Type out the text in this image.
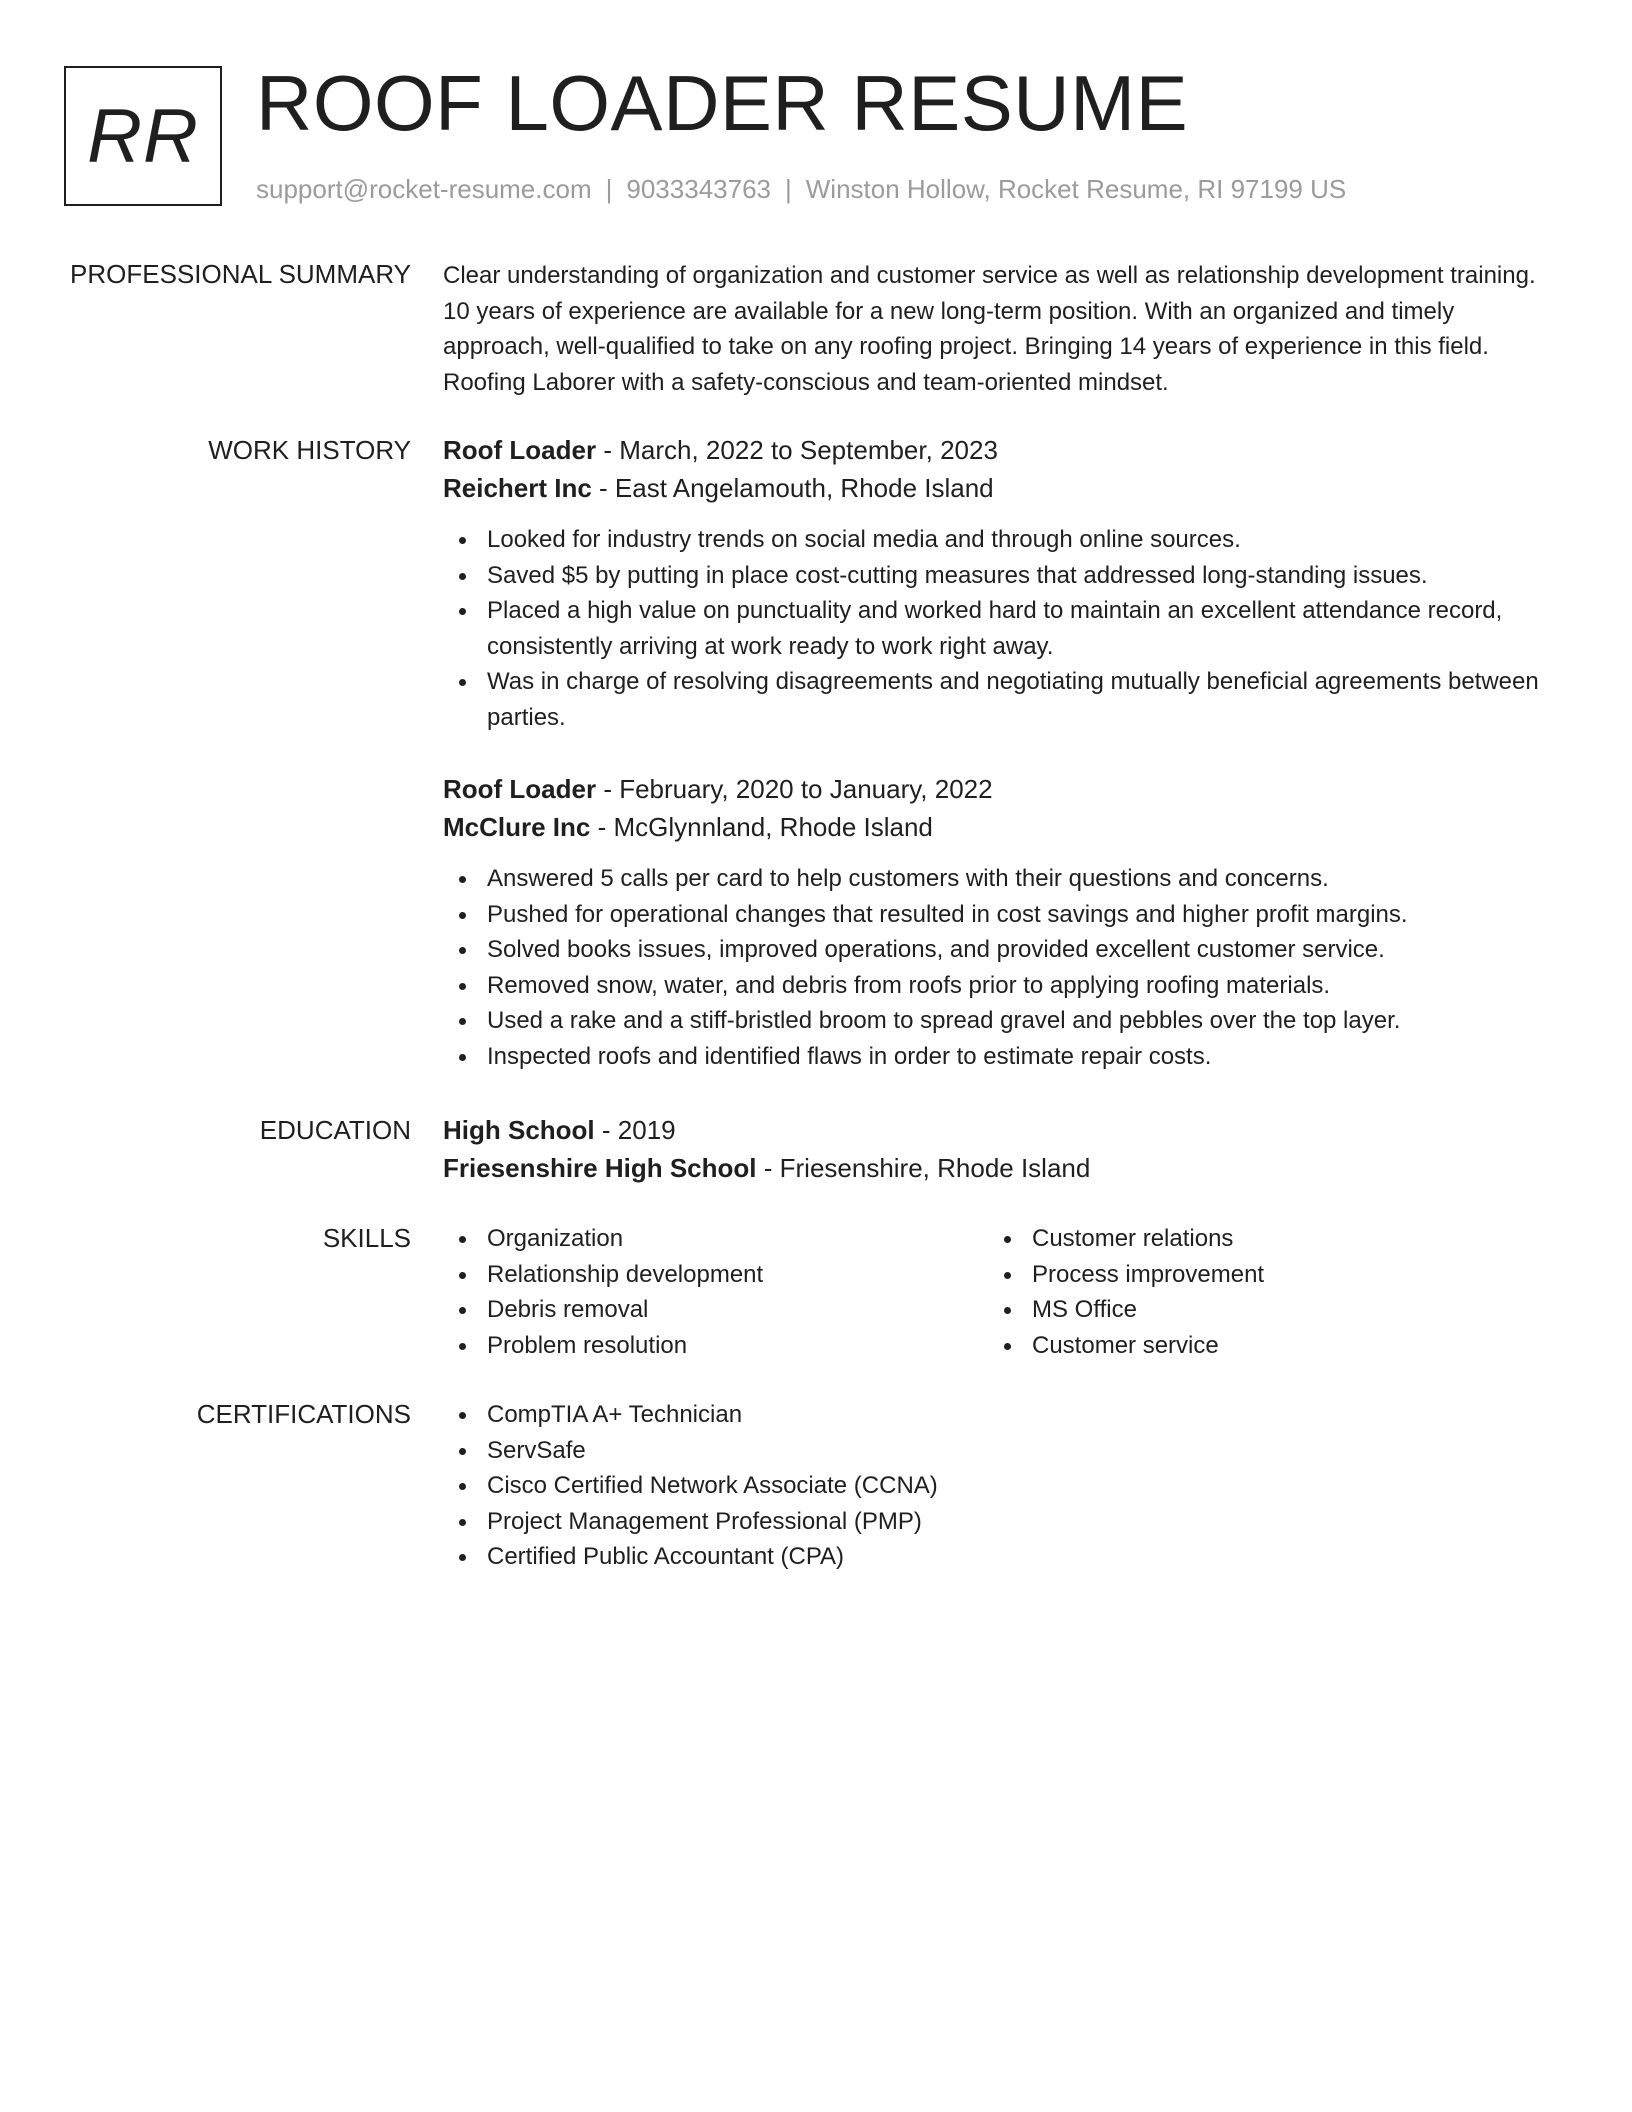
RR ROOF LOADER RESUME
support@rocket-resume.com | 9033343763 | Winston Hollow, Rocket Resume, RI 97199 US
PROFESSIONAL SUMMARY Clear understanding of organization and customer service as well as relationship development training. 10 years of experience are available for a new long-term position. With an organized and timely approach, well-qualified to take on any roofing project. Bringing 14 years of experience in this field. Roofing Laborer with a safety-conscious and team-oriented mindset.

WORK HISTORY Roof Loader - March, 2022 to September, 2023
Reichert Inc - East Angelamouth, Rhode Island
Looked for industry trends on social media and through online sources.
Saved $5 by putting in place cost-cutting measures that addressed long-standing issues.
Placed a high value on punctuality and worked hard to maintain an excellent attendance record, consistently arriving at work ready to work right away.
Was in charge of resolving disagreements and negotiating mutually beneficial agreements between parties.
Roof Loader - February, 2020 to January, 2022
McClure Inc - McGlynnland, Rhode Island
Answered 5 calls per card to help customers with their questions and concerns.
Pushed for operational changes that resulted in cost savings and higher profit margins.
Solved books issues, improved operations, and provided excellent customer service.
Removed snow, water, and debris from roofs prior to applying roofing materials.
Used a rake and a stiff-bristled broom to spread gravel and pebbles over the top layer.
Inspected roofs and identified flaws in order to estimate repair costs.
EDUCATION High School - 2019
Friesenshire High School - Friesenshire, Rhode Island
SKILLS	Organization
Relationship development
Debris removal
Problem resolution
Customer relations
Process improvement
MS Office
Customer service
CERTIFICATIONS	CompTIA A+ Technician
ServSafe
Cisco Certified Network Associate (CCNA)
Project Management Professional (PMP)
Certified Public Accountant (CPA)
